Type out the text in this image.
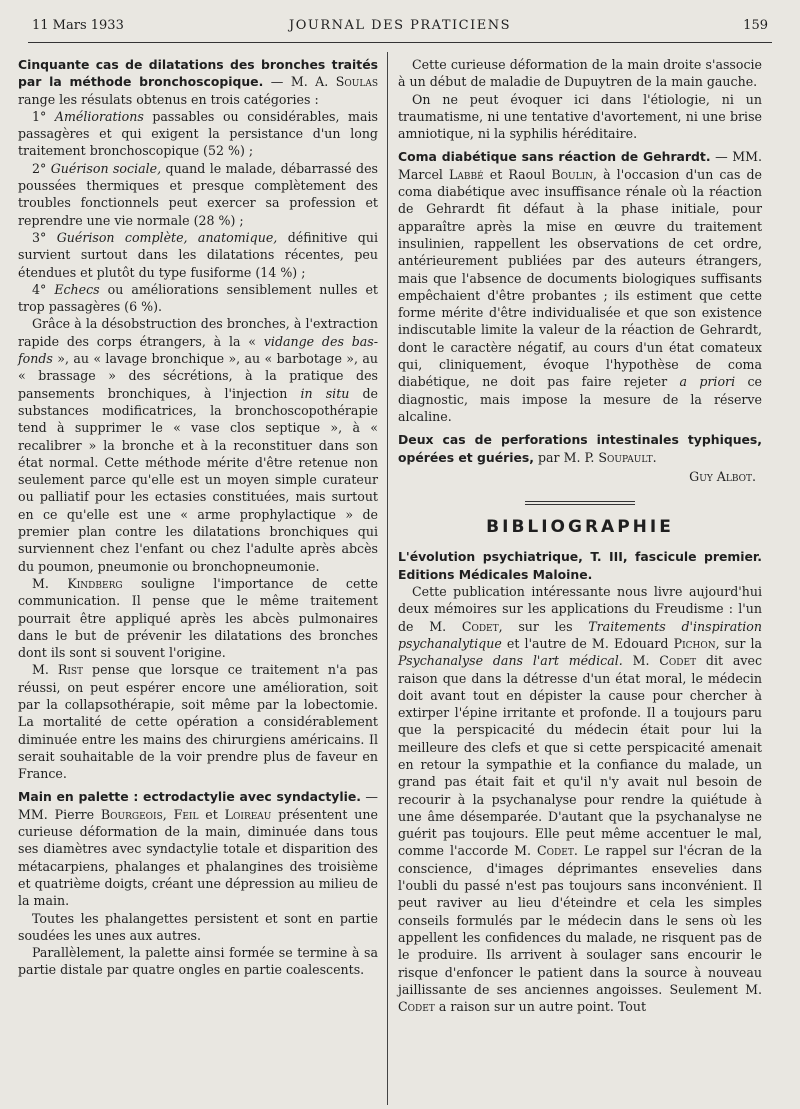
11 Mars 1933	JOURNAL DES PRATICIENS	159

Cinquante cas de dilatations des bronches traités par la méthode bronchoscopique. — M. A. Soulas range les résulats obtenus en trois catégories :

1° Améliorations passables ou considérables, mais passagères et qui exigent la persistance d'un long traitement bronchoscopique (52 %) ;

2° Guérison sociale, quand le malade, débarrassé des poussées thermiques et presque complètement des troubles fonctionnels peut exercer sa profession et reprendre une vie normale (28 %) ;

3° Guérison complète, anatomique, définitive qui survient surtout dans les dilatations récentes, peu étendues et plutôt du type fusiforme (14 %) ;

4° Echecs ou améliorations sensiblement nulles et trop passagères (6 %).

Grâce à la désobstruction des bronches, à l'extraction rapide des corps étrangers, à la « vidange des bas-fonds », au « lavage bronchique », au « barbotage », au « brassage » des sécrétions, à la pratique des pansements bronchiques, à l'injection in situ de substances modificatrices, la bronchoscopothérapie tend à supprimer le « vase clos septique », à « recalibrer » la bronche et à la reconstituer dans son état normal. Cette méthode mérite d'être retenue non seulement parce qu'elle est un moyen simple curateur ou palliatif pour les ectasies constituées, mais surtout en ce qu'elle est une « arme prophylactique » de premier plan contre les dilatations bronchiques qui surviennent chez l'enfant ou chez l'adulte après abcès du poumon, pneumonie ou bronchopneumonie.

M. Kindberg souligne l'importance de cette communication. Il pense que le même traitement pourrait être appliqué après les abcès pulmonaires dans le but de prévenir les dilatations des bronches dont ils sont si souvent l'origine.

M. Rist pense que lorsque ce traitement n'a pas réussi, on peut espérer encore une amélioration, soit par la collapsothérapie, soit même par la lobectomie. La mortalité de cette opération a considérablement diminuée entre les mains des chirurgiens américains. Il serait souhaitable de la voir prendre plus de faveur en France.

Main en palette : ectrodactylie avec syndactylie. — MM. Pierre Bourgeois, Feil et Loireau présentent une curieuse déformation de la main, diminuée dans tous ses diamètres avec syndactylie totale et disparition des métacarpiens, phalanges et phalangines des troisième et quatrième doigts, créant une dépression au milieu de la main.

Toutes les phalangettes persistent et sont en partie soudées les unes aux autres.

Parallèlement, la palette ainsi formée se termine à sa partie distale par quatre ongles en partie coalescents.

Cette curieuse déformation de la main droite s'associe à un début de maladie de Dupuytren de la main gauche.

On ne peut évoquer ici dans l'étiologie, ni un traumatisme, ni une tentative d'avortement, ni une brise amniotique, ni la syphilis héréditaire.

Coma diabétique sans réaction de Gehrardt. — MM. Marcel Labbé et Raoul Boulin, à l'occasion d'un cas de coma diabétique avec insuffisance rénale où la réaction de Gehrardt fit défaut à la phase initiale, pour apparaître après la mise en œuvre du traitement insulinien, rappellent les observations de cet ordre, antérieurement publiées par des auteurs étrangers, mais que l'absence de documents biologiques suffisants empêchaient d'être probantes ; ils estiment que cette forme mérite d'être individualisée et que son existence indiscutable limite la valeur de la réaction de Gehrardt, dont le caractère négatif, au cours d'un état comateux qui, cliniquement, évoque l'hypothèse de coma diabétique, ne doit pas faire rejeter a priori ce diagnostic, mais impose la mesure de la réserve alcaline.

Deux cas de perforations intestinales typhiques, opérées et guéries, par M. P. Soupault.

Guy Albot.
BIBLIOGRAPHIE

L'évolution psychiatrique, T. III, fascicule premier. Editions Médicales Maloine.

Cette publication intéressante nous livre aujourd'hui deux mémoires sur les applications du Freudisme : l'un de M. Codet, sur les Traitements d'inspiration psychanalytique et l'autre de M. Edouard Pichon, sur la Psychanalyse dans l'art médical. M. Codet dit avec raison que dans la détresse d'un état moral, le médecin doit avant tout en dépister la cause pour chercher à extirper l'épine irritante et profonde. Il a toujours paru que la perspicacité du médecin était pour lui la meilleure des clefs et que si cette perspicacité amenait en retour la sympathie et la confiance du malade, un grand pas était fait et qu'il n'y avait nul besoin de recourir à la psychanalyse pour rendre la quiétude à une âme désemparée. D'autant que la psychanalyse ne guérit pas toujours. Elle peut même accentuer le mal, comme l'accorde M. Codet. Le rappel sur l'écran de la conscience, d'images déprimantes ensevelies dans l'oubli du passé n'est pas toujours sans inconvénient. Il peut raviver au lieu d'éteindre et cela les simples conseils formulés par le médecin dans le sens où les appellent les confidences du malade, ne risquent pas de le produire. Ils arrivent à soulager sans encourir le risque d'enfoncer le patient dans la source à nouveau jaillissante de ses anciennes angoisses. Seulement M. Codet a raison sur un autre point. Tout
